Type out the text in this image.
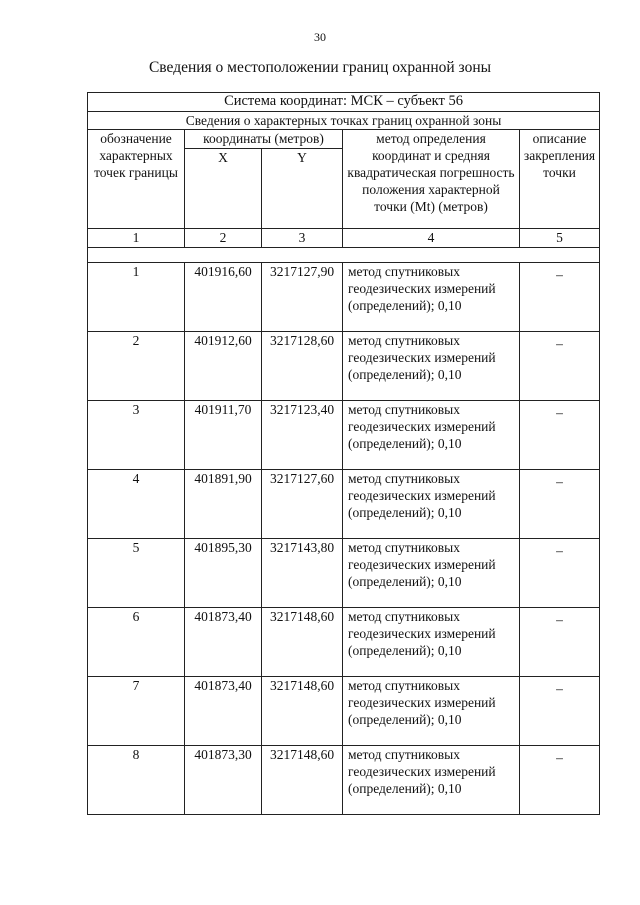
30
Сведения о местоположении границ охранной зоны
Система координат: МСК – субъект 56				
Сведения о характерных точках границ охранной зоны				
обозначение характерных точек границы	координаты (метров)		метод определения координат и средняя квадратическая погрешность положения характерной точки (Mt) (метров)	описание закрепления точки
	X	Y		
1	2	3	4	5

1	401916,60	3217127,90	метод спутниковых геодезических измерений (определений); 0,10	–

2	401912,60	3217128,60	метод спутниковых геодезических измерений (определений); 0,10	–

3	401911,70	3217123,40	метод спутниковых геодезических измерений (определений); 0,10	–

4	401891,90	3217127,60	метод спутниковых геодезических измерений (определений); 0,10	–

5	401895,30	3217143,80	метод спутниковых геодезических измерений (определений); 0,10	–

6	401873,40	3217148,60	метод спутниковых геодезических измерений (определений); 0,10	–

7	401873,40	3217148,60	метод спутниковых геодезических измерений (определений); 0,10	–

8	401873,30	3217148,60	метод спутниковых геодезических измерений (определений); 0,10	–
